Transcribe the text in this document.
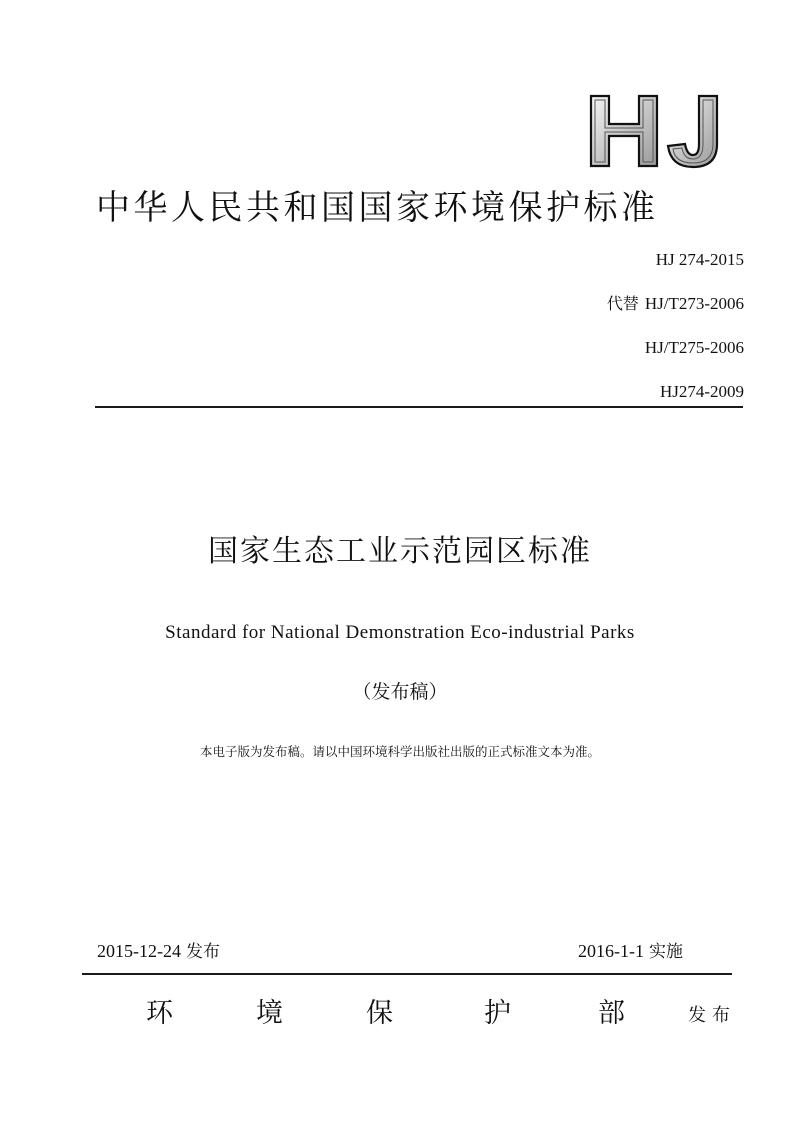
中华人民共和国国家环境保护标准
HJ 274-2015
代替 HJ/T273-2006
HJ/T275-2006
HJ274-2009
国家生态工业示范园区标准
Standard for National Demonstration Eco-industrial Parks
（发布稿）
本电子版为发布稿。请以中国环境科学出版社出版的正式标准文本为准。
2015-12-24 发布	2016-1-1 实施
环	境	保	护	部	发布
